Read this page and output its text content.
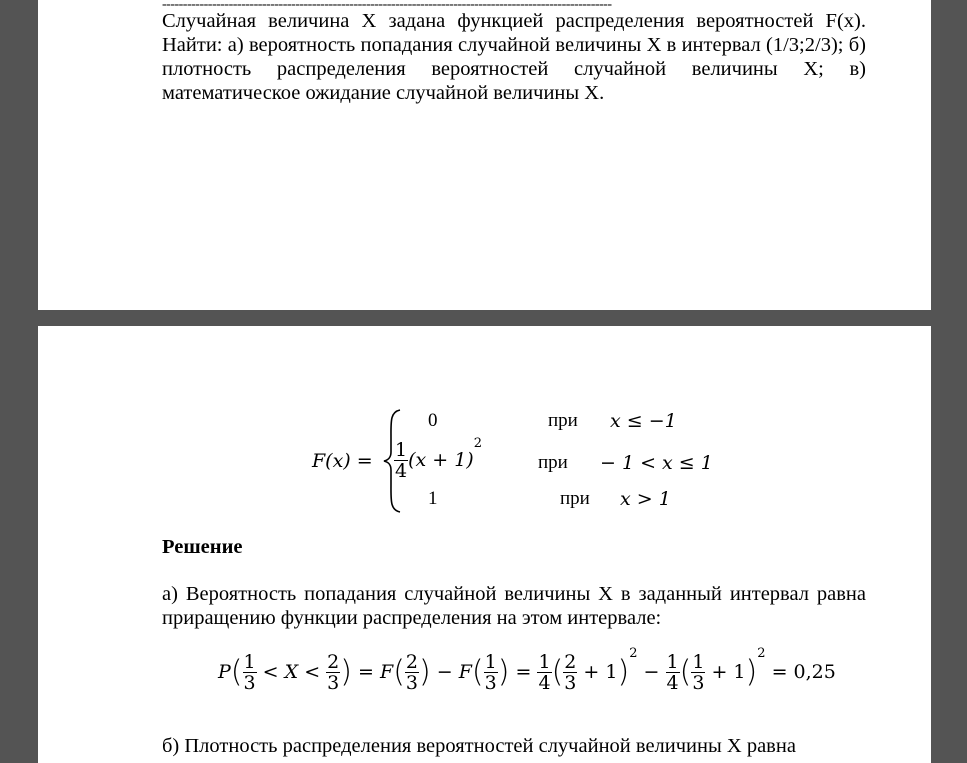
------------------------------------------------------------------------------------------------------------
Случайная величина X задана функцией распределения вероятностей F(x). Найти: а) вероятность попадания случайной величины X в интервал (1/3;2/3); б) плотность распределения вероятностей случайной величины X; в) математическое ожидание случайной величины X.
F(x) =
0	при x ≤ −1
$\frac{1}{4} (x + 1)^2$
при − 1 < x ≤ 1
1	при x > 1
Решение
а) Вероятность попадания случайной величины X в заданный интервал равна приращению функции распределения на этом интервале:
$P( \frac{1}{3} < X < \frac{2}{3}$ ) = $F( \frac{2}{3}$ ) − $F( \frac{1}{3}$ ) = $\frac{1}{4}$ ( $\frac{2}{3} + 1)^2 - \frac{1}{4}$ ( $\frac{1}{3} + 1)^2 = 0,25$
б) Плотность распределения вероятностей случайной величины X равна
